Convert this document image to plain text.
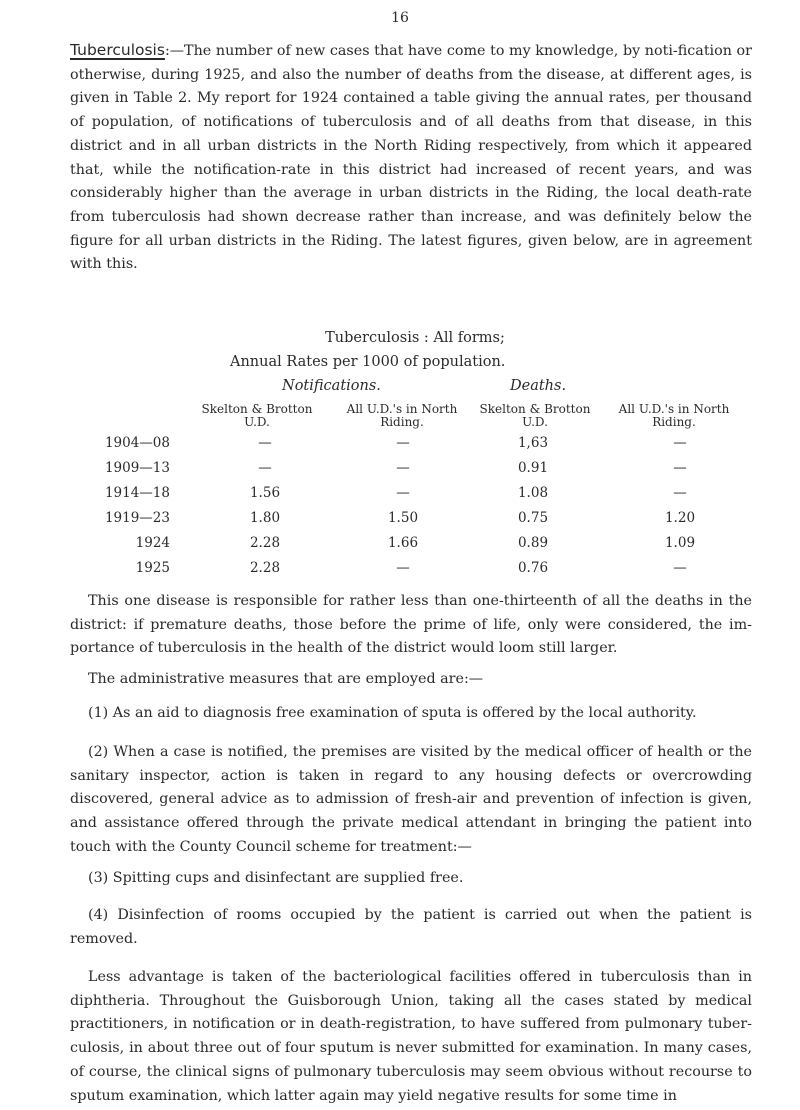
16

Tuberculosis:—The number of new cases that have come to my knowledge, by noti-fication or otherwise, during 1925, and also the number of deaths from the disease, at different ages, is given in Table 2. My report for 1924 contained a table giving the annual rates, per thousand of population, of notifications of tuberculosis and of all deaths from that disease, in this district and in all urban districts in the North Riding respectively, from which it appeared that, while the notification-rate in this district had increased of recent years, and was considerably higher than the average in urban districts in the Riding, the local death-rate from tuberculosis had shown decrease rather than increase, and was definitely below the figure for all urban districts in the Riding. The latest figures, given below, are in agreement with this.

Tuberculosis : All forms;
Annual Rates per 1000 of population.
Notifications.	Deaths.
Skelton & Brotton U.D.
All U.D.'s in North Riding.
Skelton & Brotton U.D.
All U.D.'s in North Riding.
1904—08	—	—	1,63	—
1909—13	—	—	0.91	—
1914—18	1.56	—	1.08	—
1919—23	1.80	1.50	0.75	1.20
1924	2.28	1.66	0.89	1.09
1925	2.28	—	0.76	—

This one disease is responsible for rather less than one-thirteenth of all the deaths in the district: if premature deaths, those before the prime of life, only were considered, the im-portance of tuberculosis in the health of the district would loom still larger.

The administrative measures that are employed are:—

(1) As an aid to diagnosis free examination of sputa is offered by the local authority.

(2) When a case is notified, the premises are visited by the medical officer of health or the sanitary inspector, action is taken in regard to any housing defects or overcrowding discovered, general advice as to admission of fresh-air and prevention of infection is given, and assistance offered through the private medical attendant in bringing the patient into touch with the County Council scheme for treatment:—

(3) Spitting cups and disinfectant are supplied free.

(4) Disinfection of rooms occupied by the patient is carried out when the patient is removed.

Less advantage is taken of the bacteriological facilities offered in tuberculosis than in diphtheria. Throughout the Guisborough Union, taking all the cases stated by medical practitioners, in notification or in death-registration, to have suffered from pulmonary tuber-culosis, in about three out of four sputum is never submitted for examination. In many cases, of course, the clinical signs of pulmonary tuberculosis may seem obvious without recourse to sputum examination, which latter again may yield negative results for some time in
